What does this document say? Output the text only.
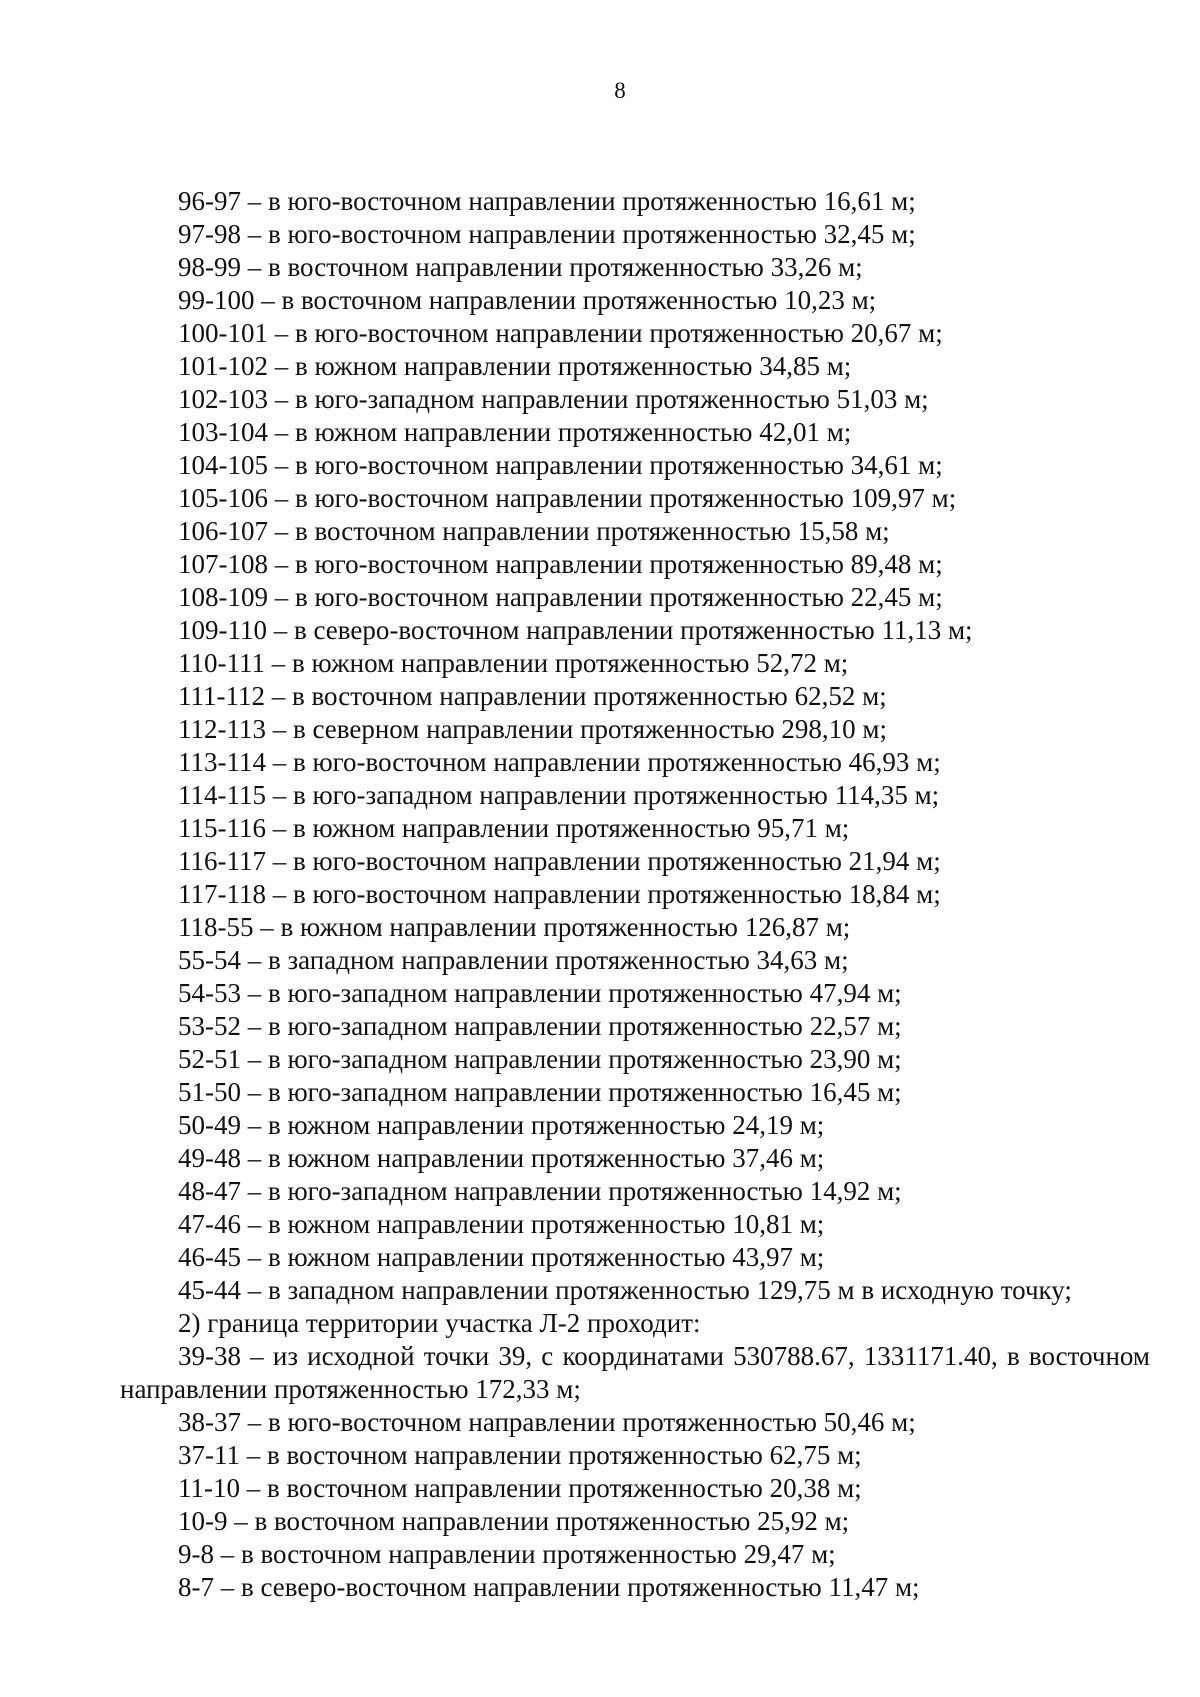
8
96-97 – в юго-восточном направлении протяженностью 16,61 м;
97-98 – в юго-восточном направлении протяженностью 32,45 м;
98-99 – в восточном направлении протяженностью 33,26 м;
99-100 – в восточном направлении протяженностью 10,23 м;
100-101 – в юго-восточном направлении протяженностью 20,67 м;
101-102 – в южном направлении протяженностью 34,85 м;
102-103 – в юго-западном направлении протяженностью 51,03 м;
103-104 – в южном направлении протяженностью 42,01 м;
104-105 – в юго-восточном направлении протяженностью 34,61 м;
105-106 – в юго-восточном направлении протяженностью 109,97 м;
106-107 – в восточном направлении протяженностью 15,58 м;
107-108 – в юго-восточном направлении протяженностью 89,48 м;
108-109 – в юго-восточном направлении протяженностью 22,45 м;
109-110 – в северо-восточном направлении протяженностью 11,13 м;
110-111 – в южном направлении протяженностью 52,72 м;
111-112 – в восточном направлении протяженностью 62,52 м;
112-113 – в северном направлении протяженностью 298,10 м;
113-114 – в юго-восточном направлении протяженностью 46,93 м;
114-115 – в юго-западном направлении протяженностью 114,35 м;
115-116 – в южном направлении протяженностью 95,71 м;
116-117 – в юго-восточном направлении протяженностью 21,94 м;
117-118 – в юго-восточном направлении протяженностью 18,84 м;
118-55 – в южном направлении протяженностью 126,87 м;
55-54 – в западном направлении протяженностью 34,63 м;
54-53 – в юго-западном направлении протяженностью 47,94 м;
53-52 – в юго-западном направлении протяженностью 22,57 м;
52-51 – в юго-западном направлении протяженностью 23,90 м;
51-50 – в юго-западном направлении протяженностью 16,45 м;
50-49 – в южном направлении протяженностью 24,19 м;
49-48 – в южном направлении протяженностью 37,46 м;
48-47 – в юго-западном направлении протяженностью 14,92 м;
47-46 – в южном направлении протяженностью 10,81 м;
46-45 – в южном направлении протяженностью 43,97 м;
45-44 – в западном направлении протяженностью 129,75 м в исходную точку;
2) граница территории участка Л-2 проходит:
39-38 – из исходной точки 39, с координатами 530788.67, 1331171.40, в восточном направлении протяженностью 172,33 м;
38-37 – в юго-восточном направлении протяженностью 50,46 м;
37-11 – в восточном направлении протяженностью 62,75 м;
11-10 – в восточном направлении протяженностью 20,38 м;
10-9 – в восточном направлении протяженностью 25,92 м;
9-8 – в восточном направлении протяженностью 29,47 м;
8-7 – в северо-восточном направлении протяженностью 11,47 м;
